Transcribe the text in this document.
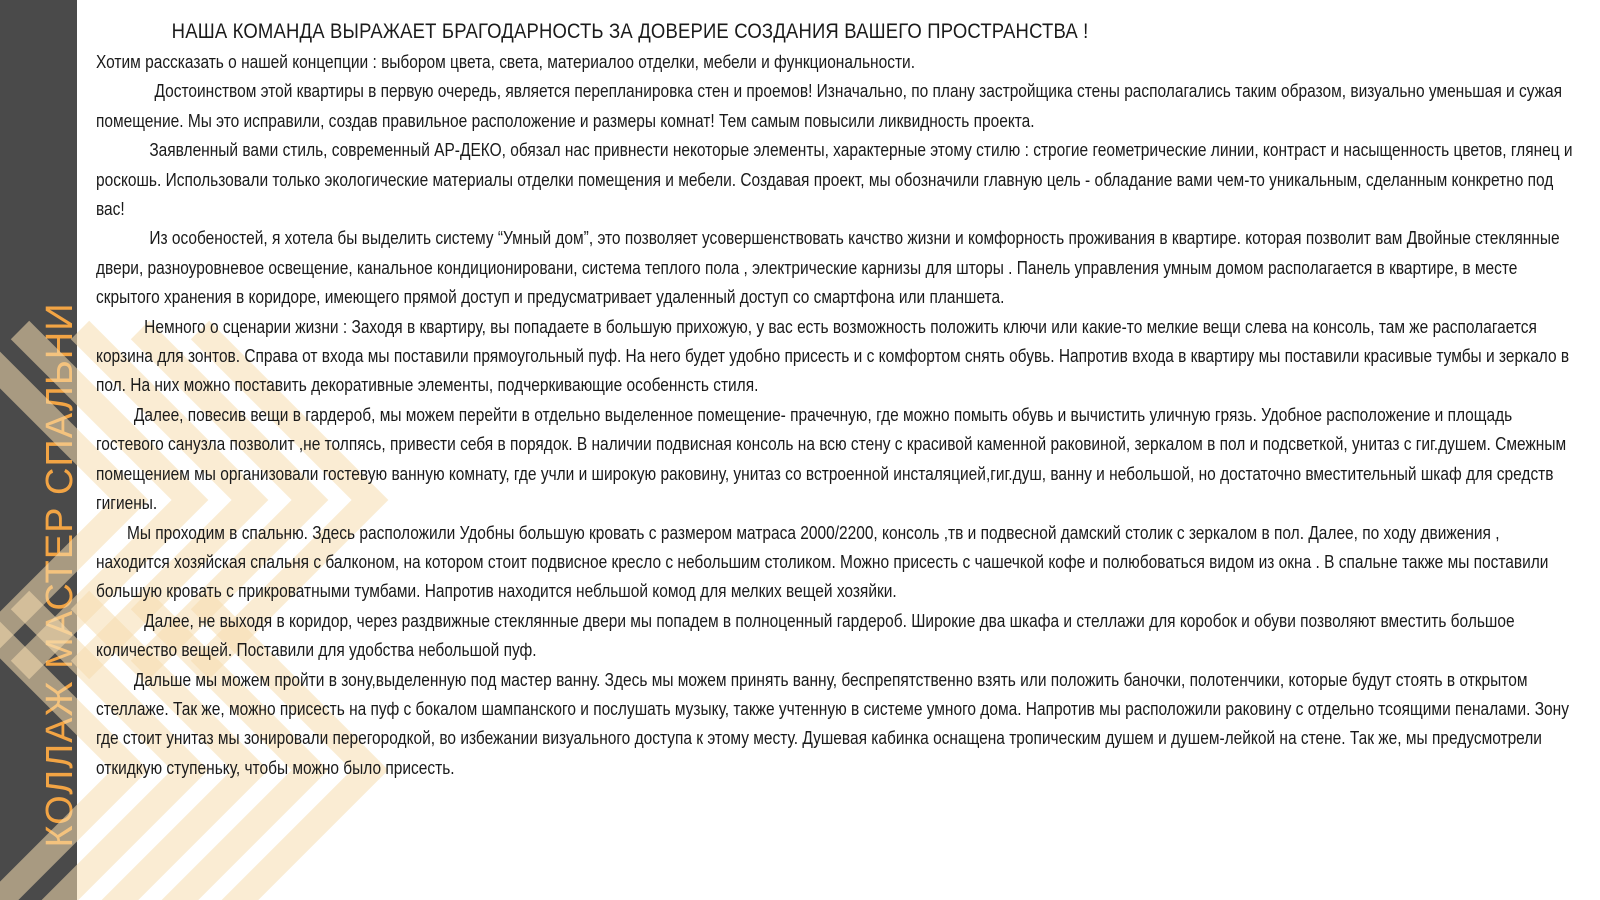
КОЛЛАЖ МАСТЕР СПАЛЬНИ
НАША КОМАНДА ВЫРАЖАЕТ БРАГОДАРНОСТЬ ЗА ДОВЕРИЕ СОЗДАНИЯ ВАШЕГО ПРОСТРАНСТВА !

Хотим рассказать о нашей концепции : выбором цвета, света, материалоо отделки, мебели и функциональности.

Достоинством этой квартиры в первую очередь, является перепланировка стен и проемов! Изначально, по плану застройщика стены располагались таким образом, визуально уменьшая и сужая помещение. Мы это исправили, создав правильное расположение и размеры комнат! Тем самым повысили ликвидность проекта.

Заявленный вами стиль, современный АР-ДЕКО, обязал нас привнести некоторые элементы, характерные этому стилю : строгие геометрические линии, контраст и насыщенность цветов, глянец и роскошь. Использовали только экологические материалы отделки помещения и мебели. Создавая проект, мы обозначили главную цель - обладание вами чем-то уникальным, сделанным конкретно под вас!

Из особеностей, я хотела бы выделить систему “Умный дом”, это позволяет усовершенствовать качство жизни и комфорность проживания в квартире. которая позволит вам Двойные стеклянные двери, разноуровневое освещение, канальное кондиционировани, система теплого пола , электрические карнизы для шторы . Панель управления умным домом располагается в квартире, в месте скрытого хранения в коридоре, имеющего прямой доступ и предусматривает удаленный доступ со смартфона или планшета.

Немного о сценарии жизни : Заходя в квартиру, вы попадаете в большую прихожую, у вас есть возможность положить ключи или какие-то мелкие вещи слева на консоль, там же располагается корзина для зонтов. Справа от входа мы поставили прямоугольный пуф. На него будет удобно присесть и с комфортом снять обувь. Напротив входа в квартиру мы поставили красивые тумбы и зеркало в пол. На них можно поставить декоративные элементы, подчеркивающие особеннсть стиля.

Далее, повесив вещи в гардероб, мы можем перейти в отдельно выделенное помещение- прачечную, где можно помыть обувь и вычистить уличную грязь. Удобное расположение и площадь гостевого санузла позволит ,не толпясь, привести себя в порядок. В наличии подвисная консоль на всю стену с красивой каменной раковиной, зеркалом в пол и подсветкой, унитаз с гиг.душем. Смежным помещением мы организовали гостевую ванную комнату, где учли и широкую раковину, унитаз со встроенной инсталяцией,гиг.душ, ванну и небольшой, но достаточно вместительный шкаф для средств гигиены.

Мы проходим в спальню. Здесь расположили Удобны большую кровать с размером матраса 2000/2200, консоль ,тв и подвесной дамский столик с зеркалом в пол. Далее, по ходу движения , находится хозяйская спальня с балконом, на котором стоит подвисное кресло с небольшим столиком. Можно присесть с чашечкой кофе и полюбоваться видом из окна . В спальне также мы поставили большую кровать с прикроватными тумбами. Напротив находится небльшой комод для мелких вещей хозяйки.

Далее, не выходя в коридор, через раздвижные стеклянные двери мы попадем в полноценный гардероб. Широкие два шкафа и стеллажи для коробок и обуви позволяют вместить большое количество вещей. Поставили для удобства небольшой пуф.

Дальше мы можем пройти в зону,выделенную под мастер ванну. Здесь мы можем принять ванну, беспрепятственно взять или положить баночки, полотенчики, которые будут стоять в открытом стеллаже. Так же, можно присесть на пуф с бокалом шампанского и послушать музыку, также учтенную в системе умного дома. Напротив мы расположили раковину с отдельно тсоящими пеналами. Зону где стоит унитаз мы зонировали перегородкой, во избежании визуального доступа к этому месту. Душевая кабинка оснащена тропическим душем и душем-лейкой на стене. Так же, мы предусмотрели откидкую ступеньку, чтобы можно было присесть.
